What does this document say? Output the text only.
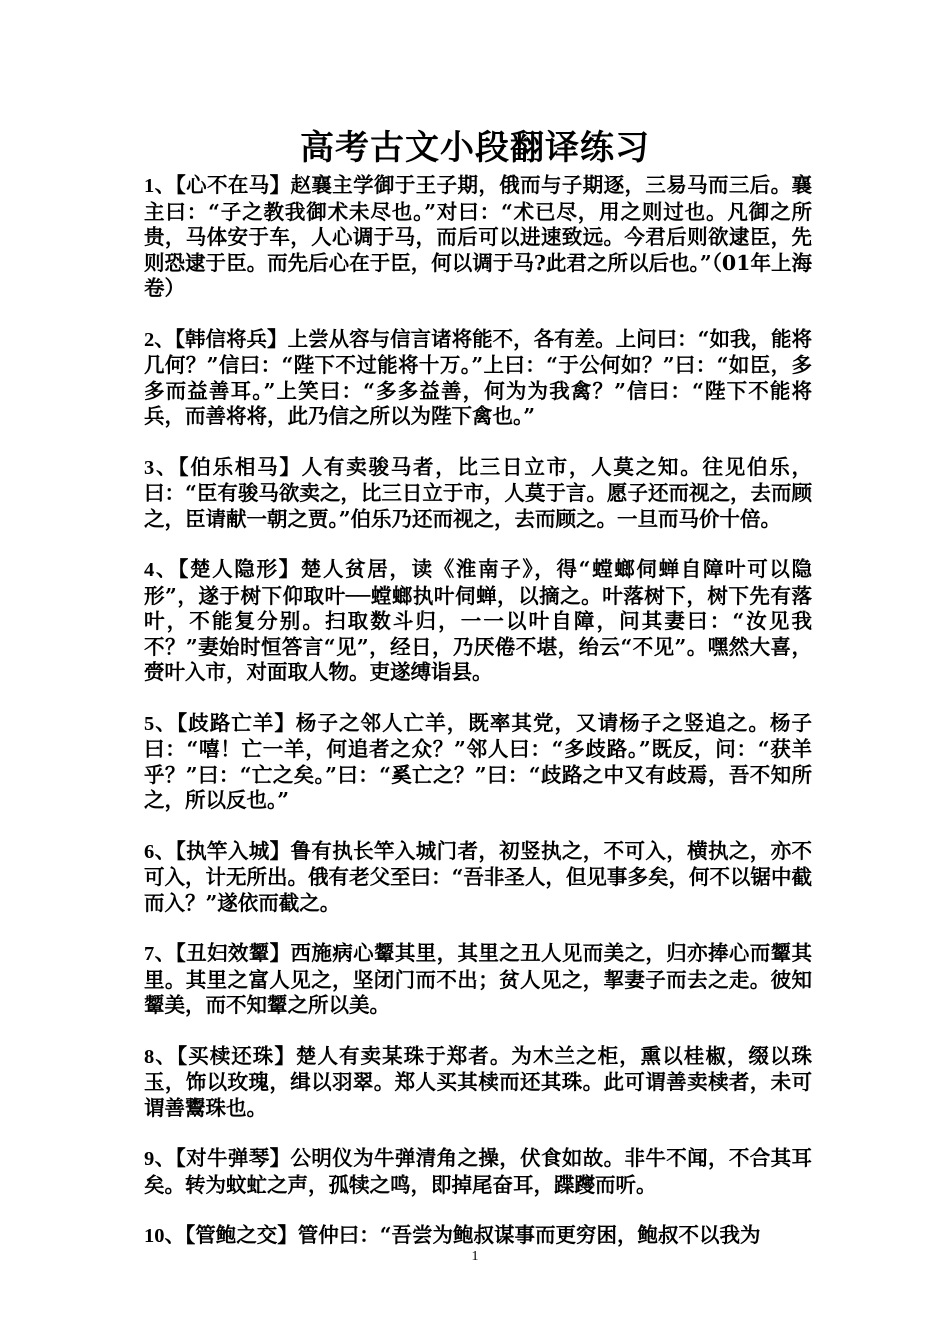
高考古文小段翻译练习

1、【心不在马】赵襄主学御于王子期，俄而与子期逐，三易马而三后。襄主曰：“子之教我御术未尽也。”对曰：“术已尽，用之则过也。凡御之所贵，马体安于车，人心调于马，而后可以进速致远。今君后则欲逮臣，先则恐逮于臣。而先后心在于臣，何以调于马?此君之所以后也。”（01年上海卷）

2、【韩信将兵】上尝从容与信言诸将能不，各有差。上问曰：“如我，能将几何？”信曰：“陛下不过能将十万。”上曰：“于公何如？”曰：“如臣，多多而益善耳。”上笑曰：“多多益善，何为为我禽？”信曰：“陛下不能将兵，而善将将，此乃信之所以为陛下禽也。”

3、【伯乐相马】人有卖骏马者，比三日立市，人莫之知。往见伯乐，曰：“臣有骏马欲卖之，比三日立于市，人莫于言。愿子还而视之，去而顾之，臣请献一朝之贾。”伯乐乃还而视之，去而顾之。一旦而马价十倍。

4、【楚人隐形】楚人贫居，读《淮南子》，得“螳螂伺蝉自障叶可以隐形”，遂于树下仰取叶──螳螂执叶伺蝉，以摘之。叶落树下，树下先有落叶，不能复分别。扫取数斗归，一一以叶自障，问其妻曰：“汝见我不？”妻始时恒答言“见”，经日，乃厌倦不堪，绐云“不见”。嘿然大喜，赍叶入市，对面取人物。吏遂缚诣县。

5、【歧路亡羊】杨子之邻人亡羊，既率其党，又请杨子之竖追之。杨子曰：“嘻！亡一羊，何追者之众？”邻人曰：“多歧路。”既反，问：“获羊乎？”曰：“亡之矣。”曰：“奚亡之？”曰：“歧路之中又有歧焉，吾不知所之，所以反也。”

6、【执竿入城】鲁有执长竿入城门者，初竖执之，不可入，横执之，亦不可入，计无所出。俄有老父至曰：“吾非圣人，但见事多矣，何不以锯中截而入？”遂依而截之。

7、【丑妇效颦】西施病心颦其里，其里之丑人见而美之，归亦捧心而颦其里。其里之富人见之，坚闭门而不出；贫人见之，挈妻子而去之走。彼知颦美，而不知颦之所以美。

8、【买椟还珠】楚人有卖某珠于郑者。为木兰之柜，熏以桂椒，缀以珠玉，饰以玫瑰，缉以羽翠。郑人买其椟而还其珠。此可谓善卖椟者，未可谓善鬻珠也。

9、【对牛弹琴】公明仪为牛弹清角之操，伏食如故。非牛不闻，不合其耳矣。转为蚊虻之声，孤犊之鸣，即掉尾奋耳，蹀躞而听。

10、【管鲍之交】管仲曰：“吾尝为鲍叔谋事而更穷困，鲍叔不以我为

1
